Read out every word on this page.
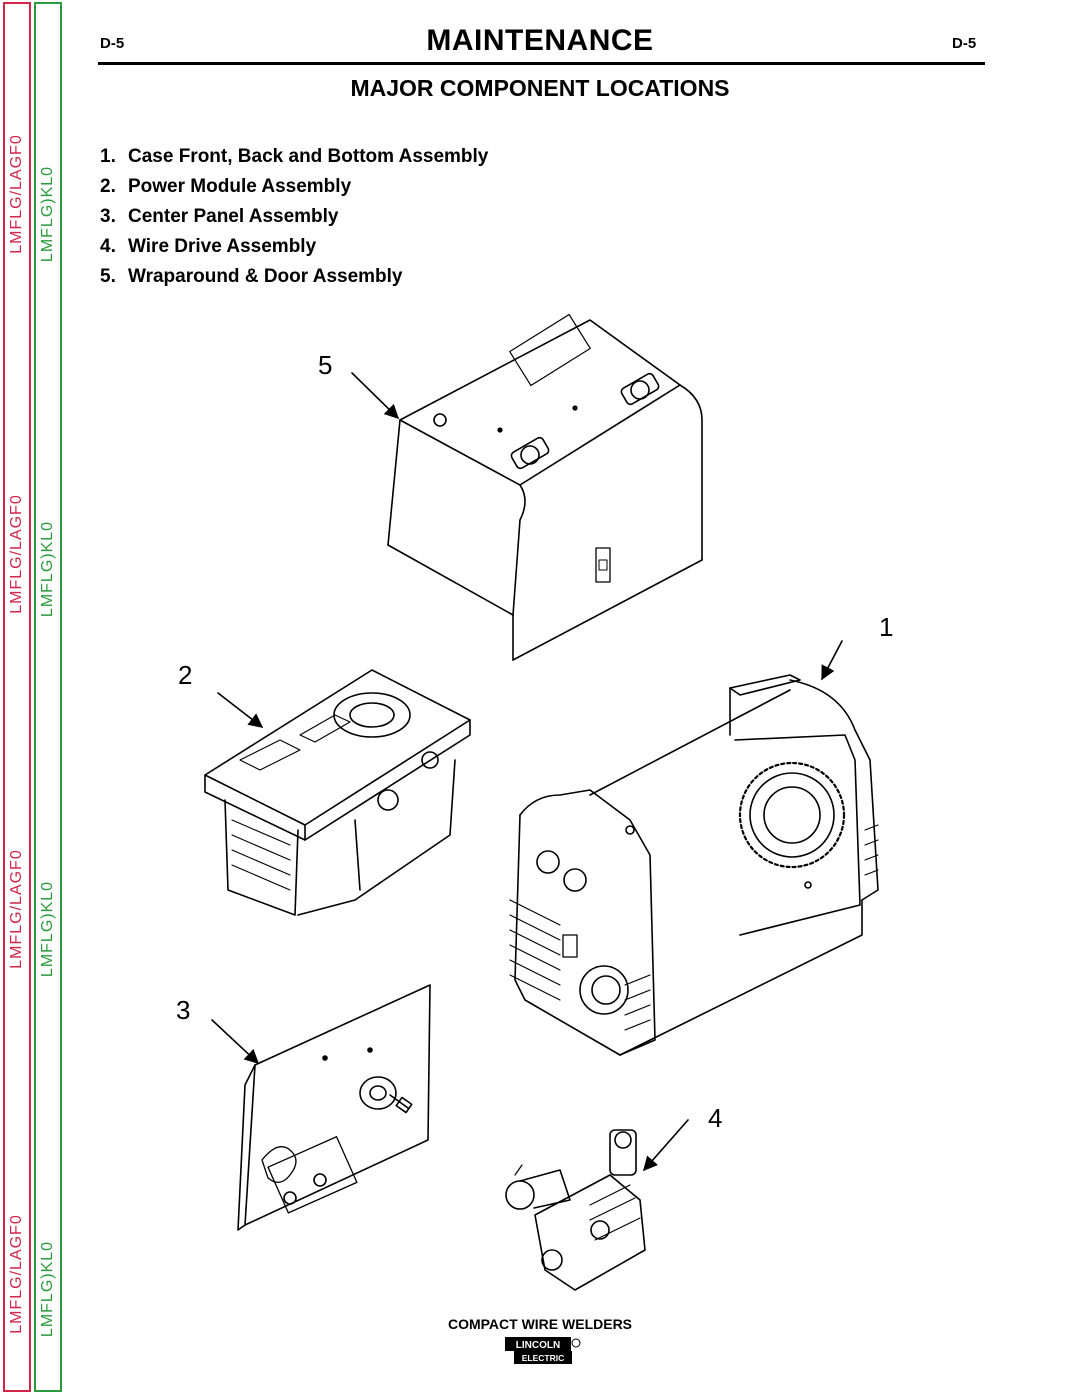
LMFLG/LAGF0
LMFLG/LAGF0
LMFLG/LAGF0
LMFLG/LAGF0
LMFLG)KL0
LMFLG)KL0
LMFLG)KL0
LMFLG)KL0
D-5	MAINTENANCE	D-5
MAJOR COMPONENT LOCATIONS
1. Case Front, Back and Bottom Assembly
2. Power Module Assembly
3. Center Panel Assembly
4. Wire Drive Assembly
5. Wraparound & Door Assembly
5
1
2
3
4
COMPACT WIRE WELDERS
LINCOLN
ELECTRIC
